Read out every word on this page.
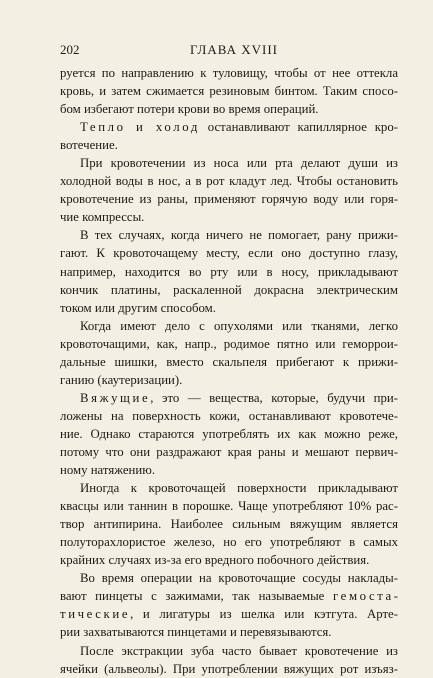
202	ГЛАВА XVIII
руется по направлению к туловищу, чтобы от нее оттекла
кровь, и затем сжимается резиновым бинтом. Таким спосо-
бом избегают потери крови во время операций.
Тепло и холод останавливают капиллярное кро-
вотечение.
При кровотечении из носа или рта делают души из
холодной воды в нос, а в рот кладут лед. Чтобы остановить
кровотечение из раны, применяют горячую воду или горя-
чие компрессы.
В тех случаях, когда ничего не помогает, рану прижи-
гают. К кровоточащему месту, если оно доступно глазу,
например, находится во рту или в носу, прикладывают
кончик платины, раскаленной докрасна электрическим
током или другим способом.
Когда имеют дело с опухолями или тканями, легко
кровоточащими, как, напр., родимое пятно или геморрои-
дальные шишки, вместо скальпеля прибегают к прижи-
ганию (каутеризации).
Вяжущие, это — вещества, которые, будучи при-
ложены на поверхность кожи, останавливают кровотече-
ние. Однако стараются употреблять их как можно реже,
потому что они раздражают края раны и мешают первич-
ному натяжению.
Иногда к кровоточащей поверхности прикладывают
квасцы или таннин в порошке. Чаще употребляют 10% рас-
твор антипирина. Наиболее сильным вяжущим является
полуторахлористое железо, но его употребляют в самых
крайних случаях из-за его вредного побочного действия.
Во время операции на кровоточащие сосуды наклады-
вают пинцеты с зажимами, так называемые гемостa-
тические, и лигатуры из шелка или кэтгута. Арте-
рии захватываются пинцетами и перевязываются.
После экстракции зуба часто бывает кровотечение из
ячейки (альвеолы). При употреблении вяжущих рот изъяз-
